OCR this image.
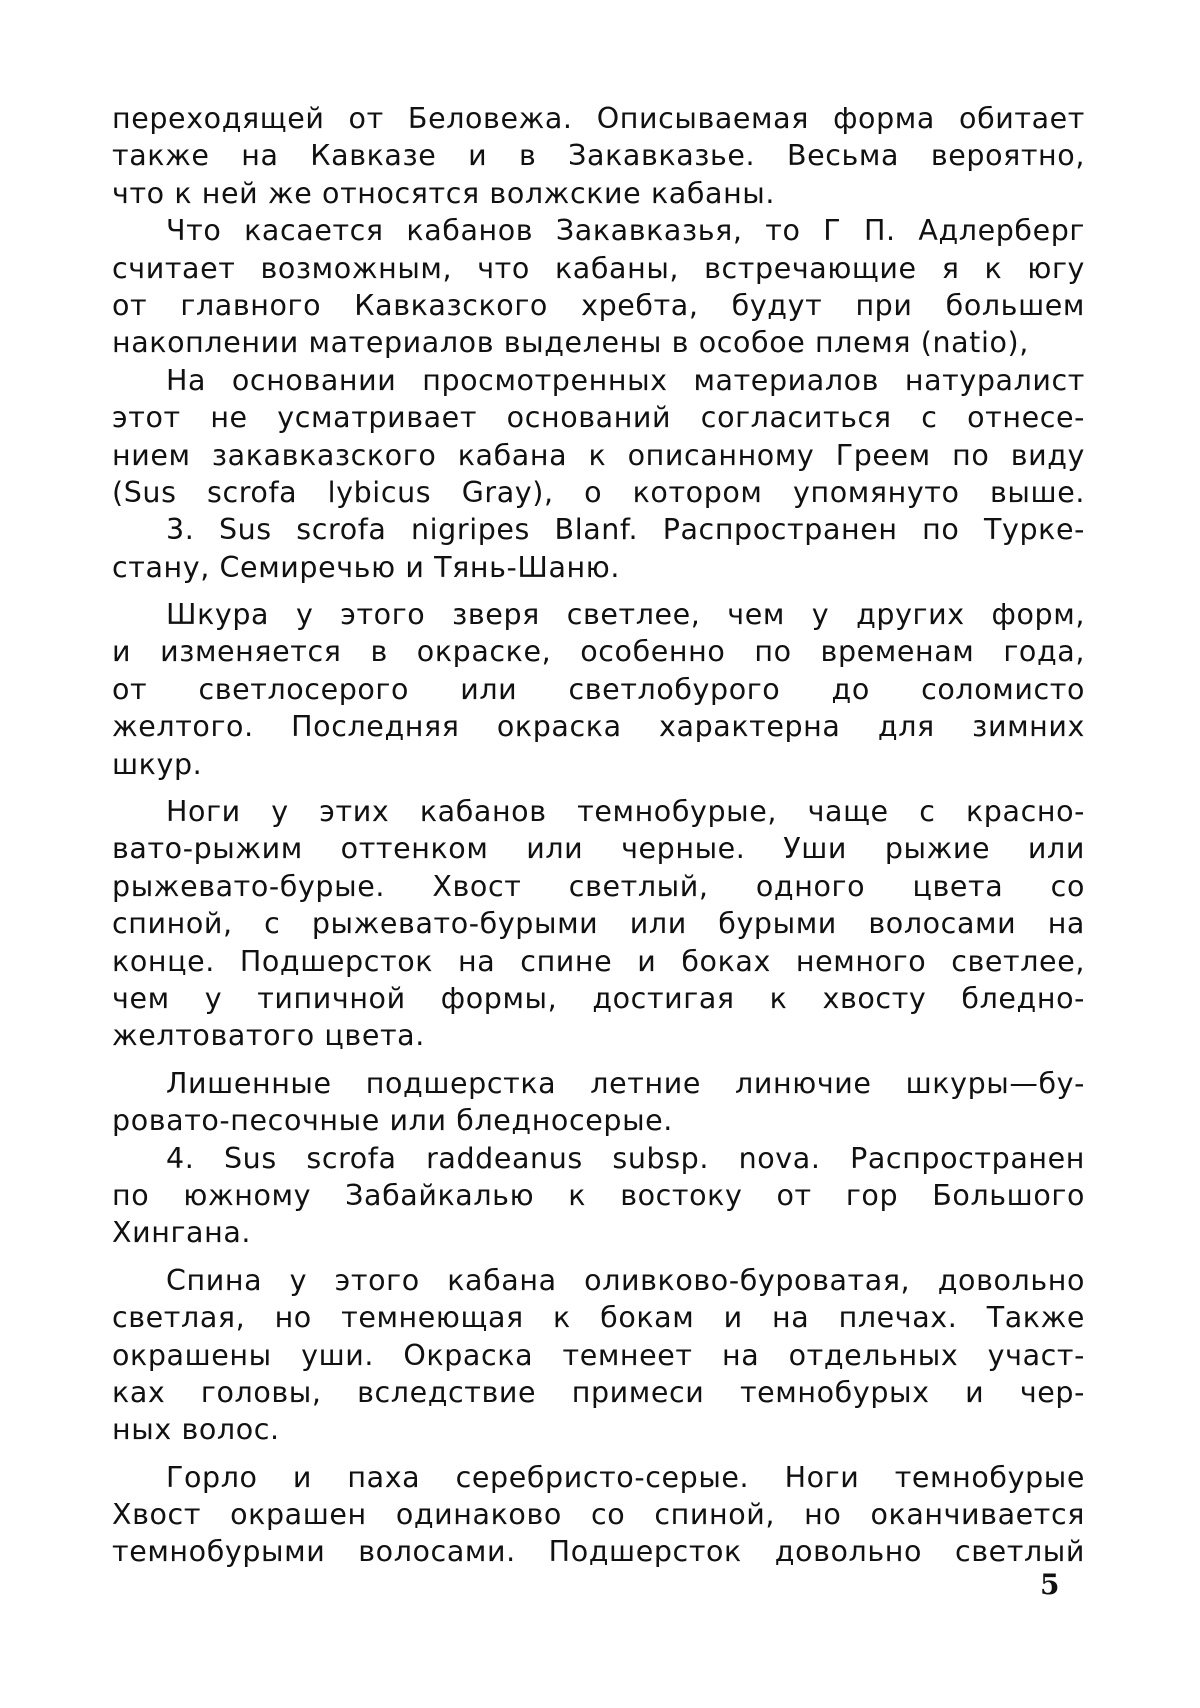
переходящей от Беловежа. Описываемая форма обитает
также на Кавказе и в Закавказье. Весьма вероятно,
что к ней же относятся волжские кабаны.
Что касается кабанов Закавказья, то Г П. Адлерберг
считает возможным, что кабаны, встречающие я к югу
от главного Кавказского хребта, будут при большем
накоплении материалов выделены в особое племя (natio),
На основании просмотренных материалов натуралист
этот не усматривает оснований согласиться с отнесе-
нием закавказского кабана к описанному Греем по виду
(Sus scrofa lybicus Gray), о котором упомянуто выше.
3. Sus scrofa nigripes Blanf. Распространен по Турке-
стану, Семиречью и Тянь-Шаню.
Шкура у этого зверя светлее, чем у других форм,
и изменяется в окраске, особенно по временам года,
от светлосерого или светлобурого до соломисто
желтого. Последняя окраска характерна для зимних
шкур.
Ноги у этих кабанов темнобурые, чаще с красно-
вато-рыжим оттенком или черные. Уши рыжие или
рыжевато-бурые. Хвост светлый, одного цвета со
спиной, с рыжевато-бурыми или бурыми волосами на
конце. Подшерсток на спине и боках немного светлее,
чем у типичной формы, достигая к хвосту бледно-
желтоватого цвета.
Лишенные подшерстка летние линючие шкуры—бу-
ровато-песочные или бледносерые.
4. Sus scrofa raddeanus subsp. nova. Распространен
по южному Забайкалью к востоку от гор Большого
Хингана.
Спина у этого кабана оливково-буроватая, довольно
светлая, но темнеющая к бокам и на плечах. Также
окрашены уши. Окраска темнеет на отдельных участ-
ках головы, вследствие примеси темнобурых и чер-
ных волос.
Горло и паха серебристо-серые. Ноги темнобурые
Хвост окрашен одинаково со спиной, но оканчивается
темнобурыми волосами. Подшерсток довольно светлый
5
